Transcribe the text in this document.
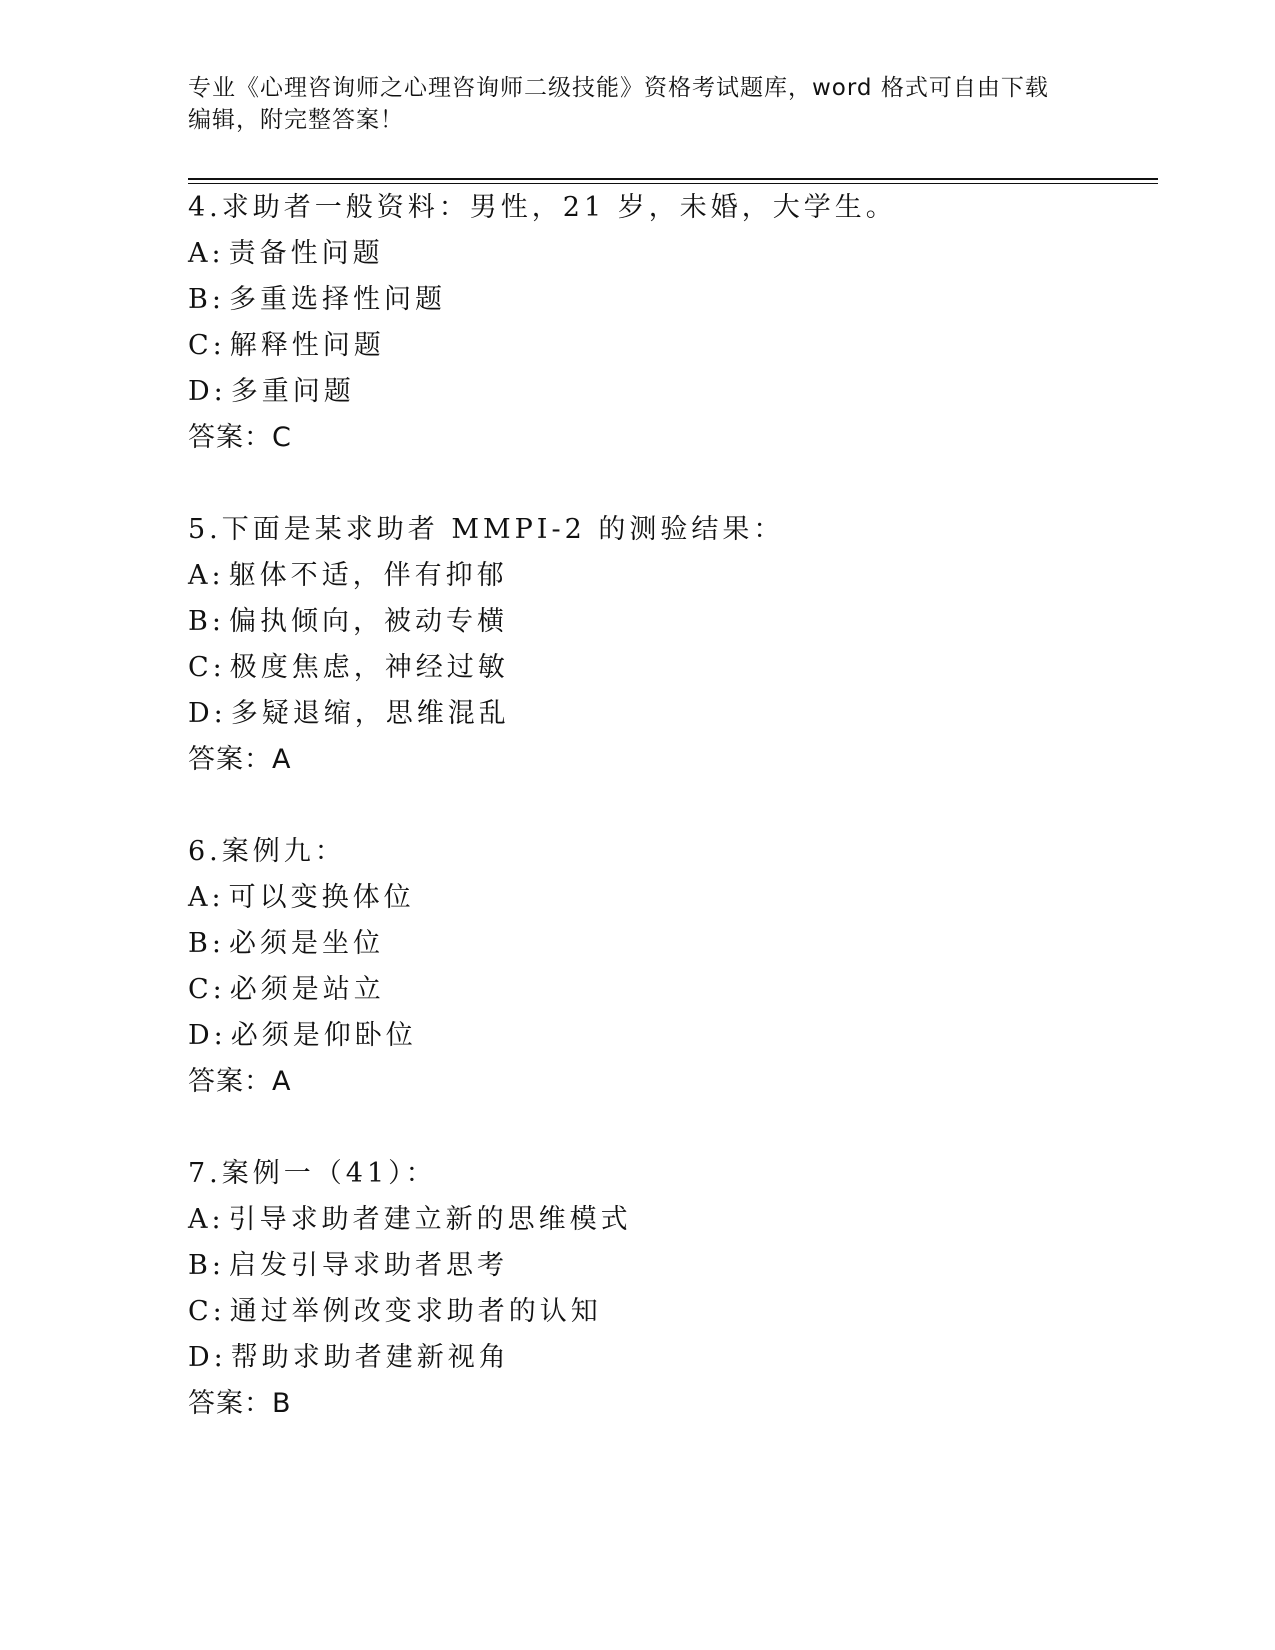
专业《心理咨询师之心理咨询师二级技能》资格考试题库，word 格式可自由下载
编辑，附完整答案！
4.求助者一般资料：男性，21 岁，未婚，大学生。
A: 责备性问题
B: 多重选择性问题
C: 解释性问题
D: 多重问题
答案：C
5.下面是某求助者 MMPI-2 的测验结果：
A: 躯体不适，伴有抑郁
B: 偏执倾向，被动专横
C: 极度焦虑，神经过敏
D: 多疑退缩，思维混乱
答案：A
6.案例九：
A: 可以变换体位
B: 必须是坐位
C: 必须是站立
D: 必须是仰卧位
答案：A
7.案例一（41）：
A: 引导求助者建立新的思维模式
B: 启发引导求助者思考
C: 通过举例改变求助者的认知
D: 帮助求助者建新视角
答案：B
